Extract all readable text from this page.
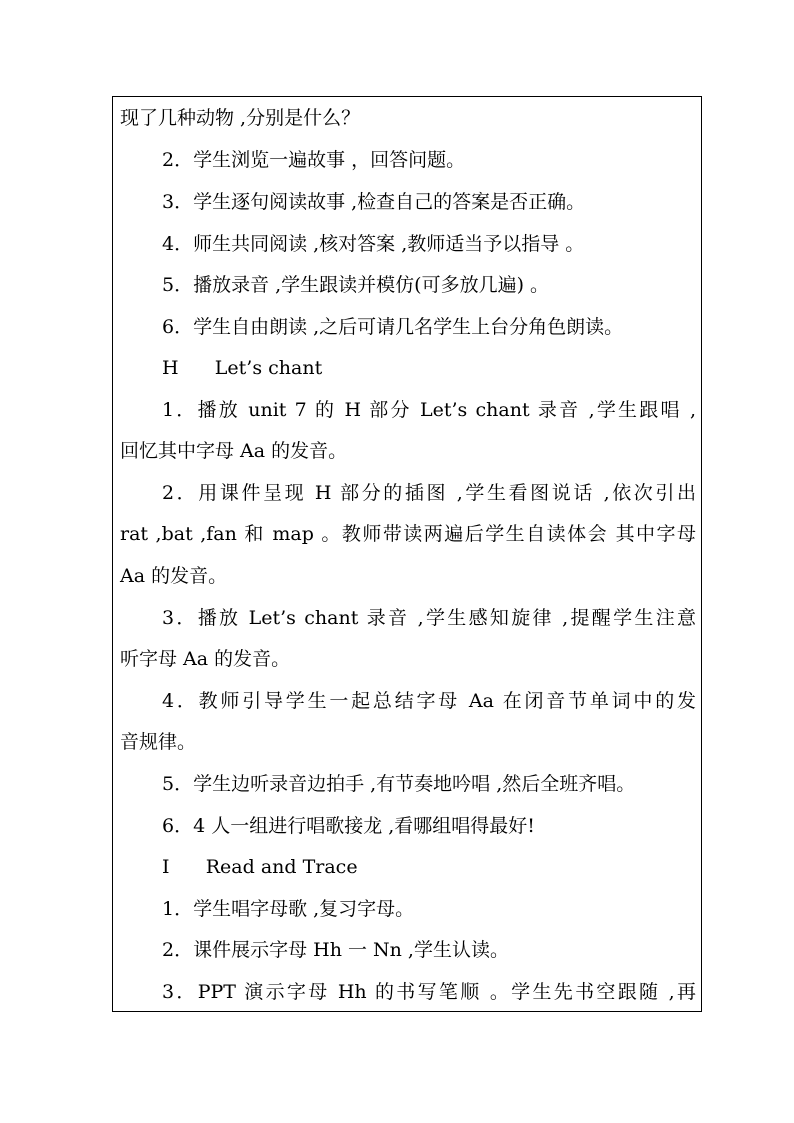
现了几种动物 ,分别是什么？
2．学生浏览一遍故事 ，回答问题。
3．学生逐句阅读故事 ,检查自己的答案是否正确。
4．师生共同阅读 ,核对答案 ,教师适当予以指导 。
5．播放录音 ,学生跟读并模仿(可多放几遍) 。
6．学生自由朗读 ,之后可请几名学生上台分角色朗读。
H      Let’s chant
1．播放 unit 7 的 H 部分 Let’s chant 录音 ,学生跟唱 ,
回忆其中字母 Aa 的发音。
2．用课件呈现 H 部分的插图 ,学生看图说话 ,依次引出
rat ,bat ,fan 和 map 。教师带读两遍后学生自读体会 其中字母
Aa 的发音。
3．播放 Let’s chant 录音 ,学生感知旋律 ,提醒学生注意
听字母 Aa 的发音。
4．教师引导学生一起总结字母 Aa 在闭音节单词中的发
音规律。
5．学生边听录音边拍手 ,有节奏地吟唱 ,然后全班齐唱。
6．4 人一组进行唱歌接龙 ,看哪组唱得最好!
I      Read and Trace
1．学生唱字母歌 ,复习字母。
2．课件展示字母 Hh 一 Nn ,学生认读。
3．PPT 演示字母 Hh 的书写笔顺 。学生先书空跟随 ,再
